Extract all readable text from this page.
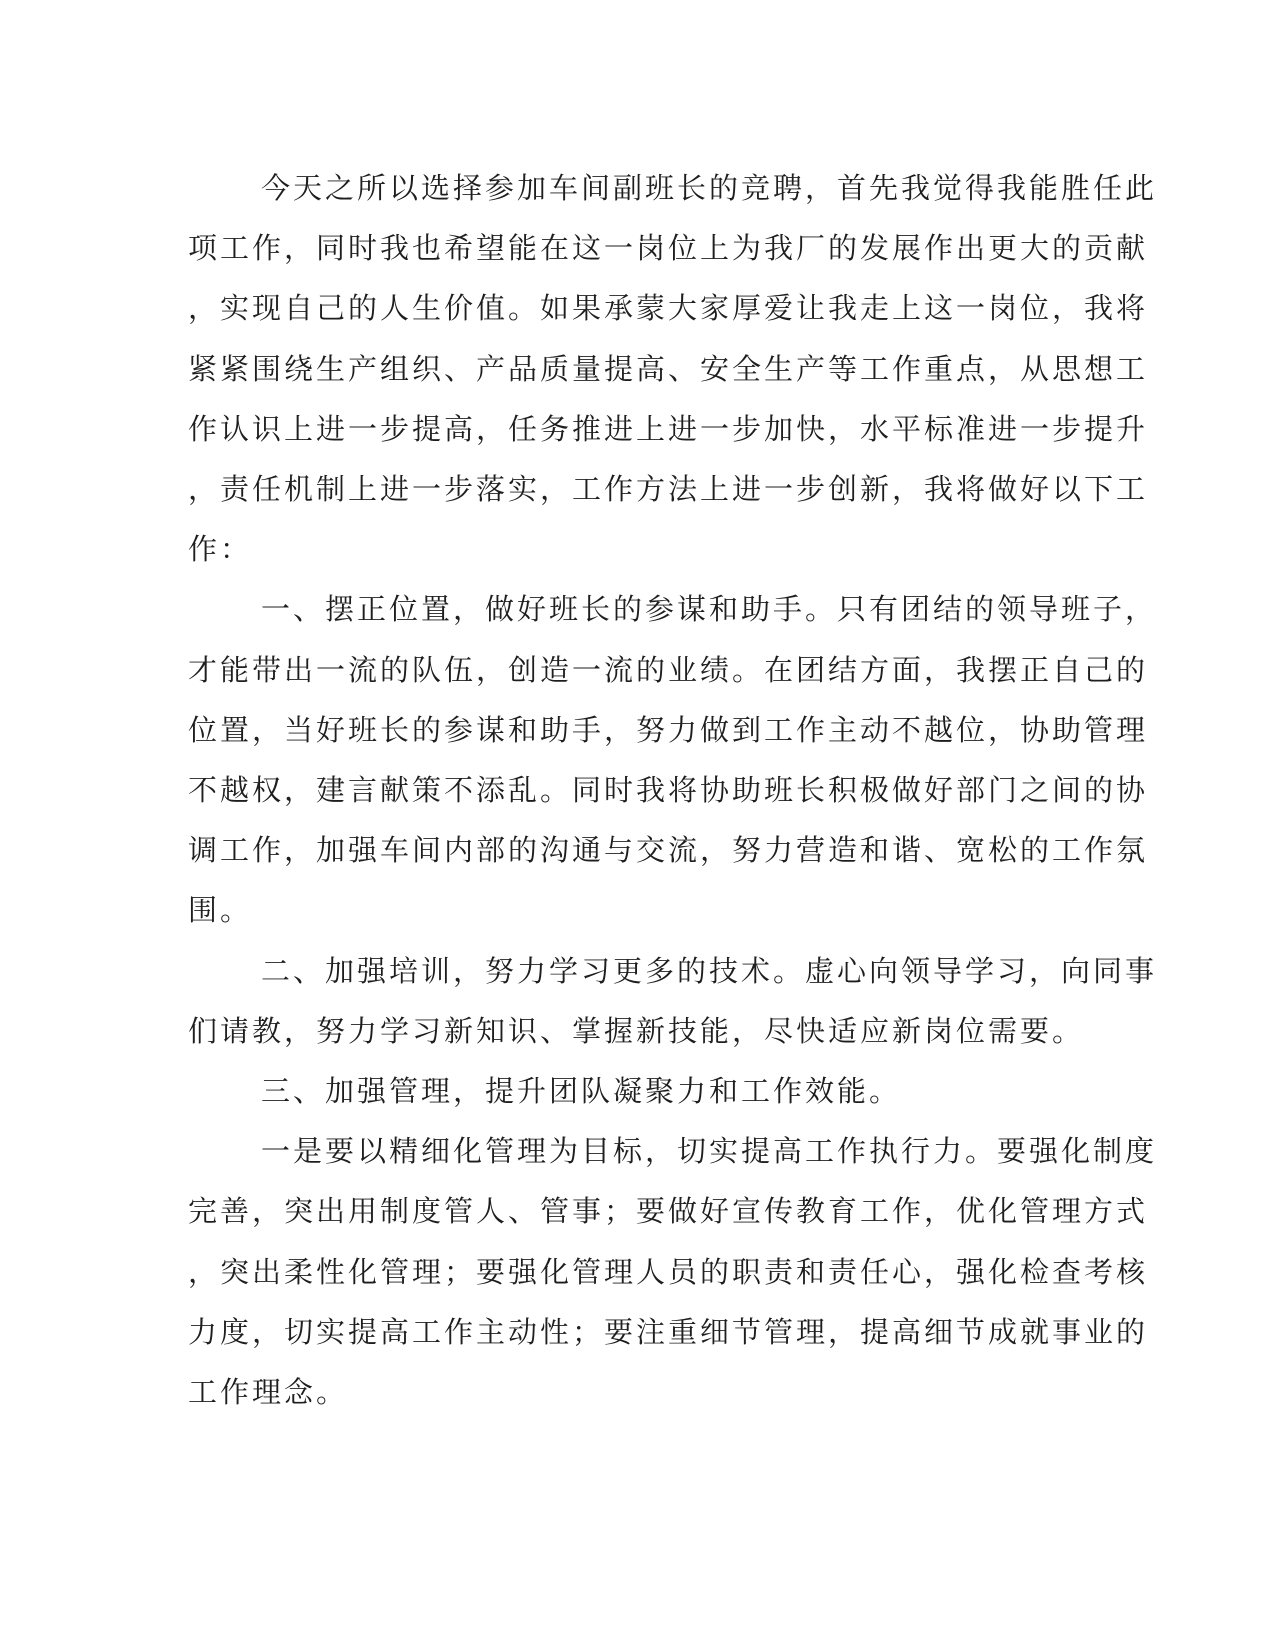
今天之所以选择参加车间副班长的竞聘，首先我觉得我能胜任此
项工作，同时我也希望能在这一岗位上为我厂的发展作出更大的贡献
，实现自己的人生价值。如果承蒙大家厚爱让我走上这一岗位，我将
紧紧围绕生产组织、产品质量提高、安全生产等工作重点，从思想工
作认识上进一步提高，任务推进上进一步加快，水平标准进一步提升
，责任机制上进一步落实，工作方法上进一步创新，我将做好以下工
作：
一、摆正位置，做好班长的参谋和助手。只有团结的领导班子，
才能带出一流的队伍，创造一流的业绩。在团结方面，我摆正自己的
位置，当好班长的参谋和助手，努力做到工作主动不越位，协助管理
不越权，建言献策不添乱。同时我将协助班长积极做好部门之间的协
调工作，加强车间内部的沟通与交流，努力营造和谐、宽松的工作氛
围。
二、加强培训，努力学习更多的技术。虚心向领导学习，向同事
们请教，努力学习新知识、掌握新技能，尽快适应新岗位需要。
三、加强管理，提升团队凝聚力和工作效能。
一是要以精细化管理为目标，切实提高工作执行力。要强化制度
完善，突出用制度管人、管事；要做好宣传教育工作，优化管理方式
，突出柔性化管理；要强化管理人员的职责和责任心，强化检查考核
力度，切实提高工作主动性；要注重细节管理，提高细节成就事业的
工作理念。
